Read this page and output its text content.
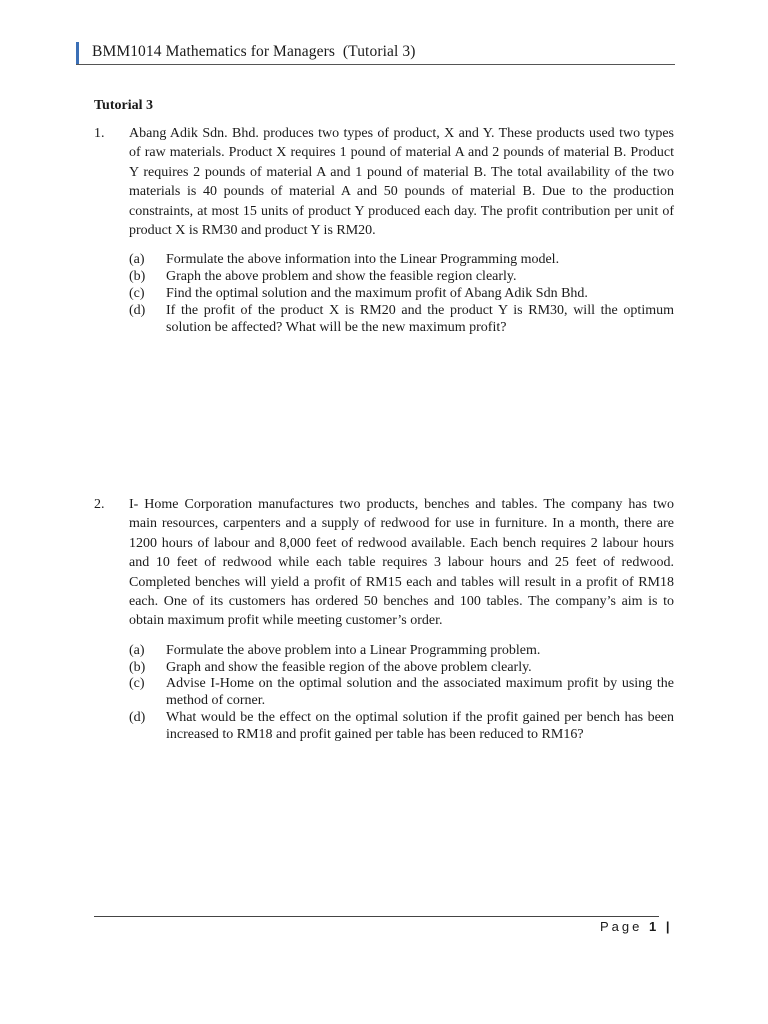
BMM1014 Mathematics for Managers  (Tutorial 3)
Tutorial 3
1. Abang Adik Sdn. Bhd. produces two types of product, X and Y. These products used two types of raw materials. Product X requires 1 pound of material A and 2 pounds of material B. Product Y requires 2 pounds of material A and 1 pound of material B. The total availability of the two materials is 40 pounds of material A and 50 pounds of material B. Due to the production constraints, at most 15 units of product Y produced each day. The profit contribution per unit of product X is RM30 and product Y is RM20.
(a)	Formulate the above information into the Linear Programming model.
(b)	Graph the above problem and show the feasible region clearly.
(c)	Find the optimal solution and the maximum profit of Abang Adik Sdn Bhd.
(d)	If the profit of the product X is RM20 and the product Y is RM30, will the optimum solution be affected? What will be the new maximum profit?
2. I- Home Corporation manufactures two products, benches and tables. The company has two main resources, carpenters and a supply of redwood for use in furniture. In a month, there are 1200 hours of labour and 8,000 feet of redwood available. Each bench requires 2 labour hours and 10 feet of redwood while each table requires 3 labour hours and 25 feet of redwood. Completed benches will yield a profit of RM15 each and tables will result in a profit of RM18 each. One of its customers has ordered 50 benches and 100 tables. The company’s aim is to obtain maximum profit while meeting customer’s order.
(a)	Formulate the above problem into a Linear Programming problem.
(b)	Graph and show the feasible region of the above problem clearly.
(c)	Advise I-Home on the optimal solution and the associated maximum profit by using the method of corner.
(d)	What would be the effect on the optimal solution if the profit gained per bench has been increased to RM18 and profit gained per table has been reduced to RM16?
Page 1 |
